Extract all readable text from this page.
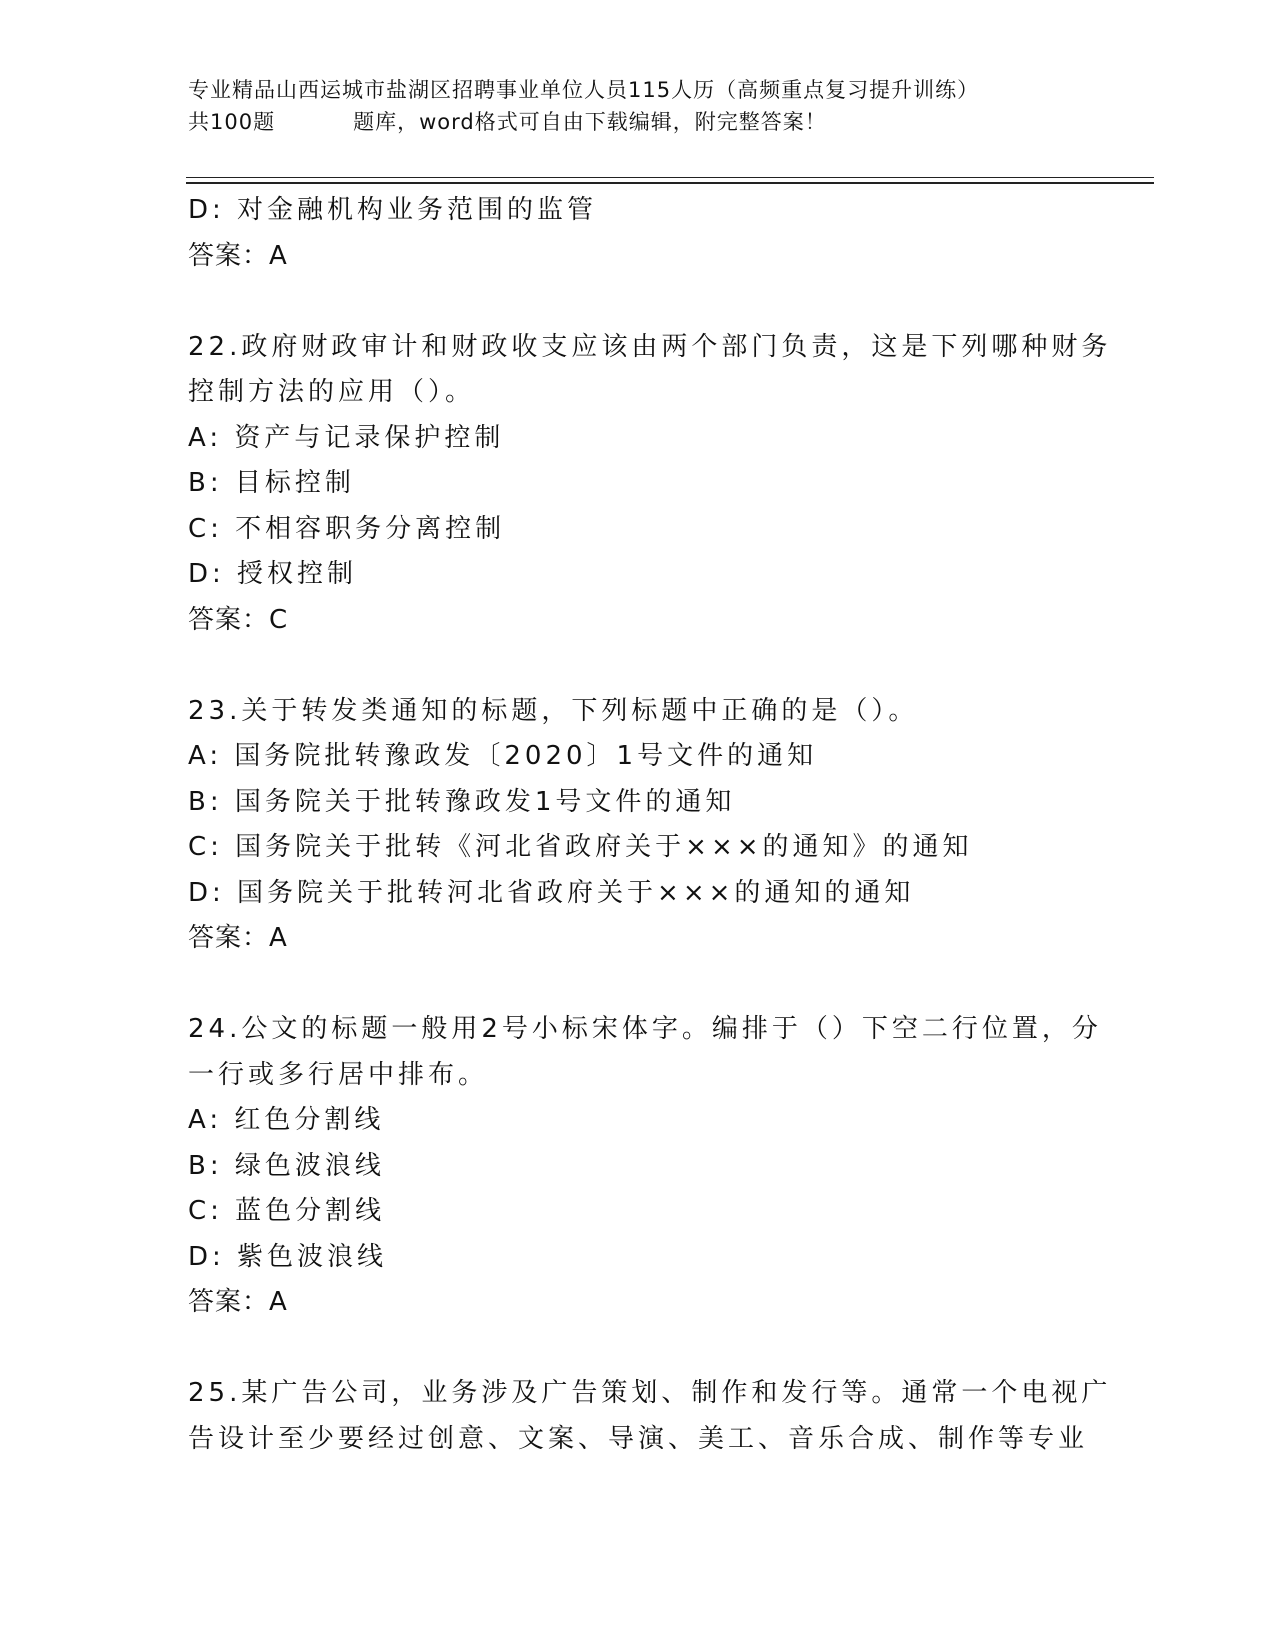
专业精品山西运城市盐湖区招聘事业单位人员115人历（高频重点复习提升训练）
共100题	题库，word格式可自由下载编辑，附完整答案！
D: 对金融机构业务范围的监管
答案：A
22.政府财政审计和财政收支应该由两个部门负责，这是下列哪种财务
控制方法的应用（）。
A: 资产与记录保护控制
B: 目标控制
C: 不相容职务分离控制
D: 授权控制
答案：C
23.关于转发类通知的标题，下列标题中正确的是（）。
A: 国务院批转豫政发〔2020〕1号文件的通知
B: 国务院关于批转豫政发1号文件的通知
C: 国务院关于批转《河北省政府关于×××的通知》的通知
D: 国务院关于批转河北省政府关于×××的通知的通知
答案：A
24.公文的标题一般用2号小标宋体字。编排于（）下空二行位置，分
一行或多行居中排布。
A: 红色分割线
B: 绿色波浪线
C: 蓝色分割线
D: 紫色波浪线
答案：A
25.某广告公司，业务涉及广告策划、制作和发行等。通常一个电视广
告设计至少要经过创意、文案、导演、美工、音乐合成、制作等专业
